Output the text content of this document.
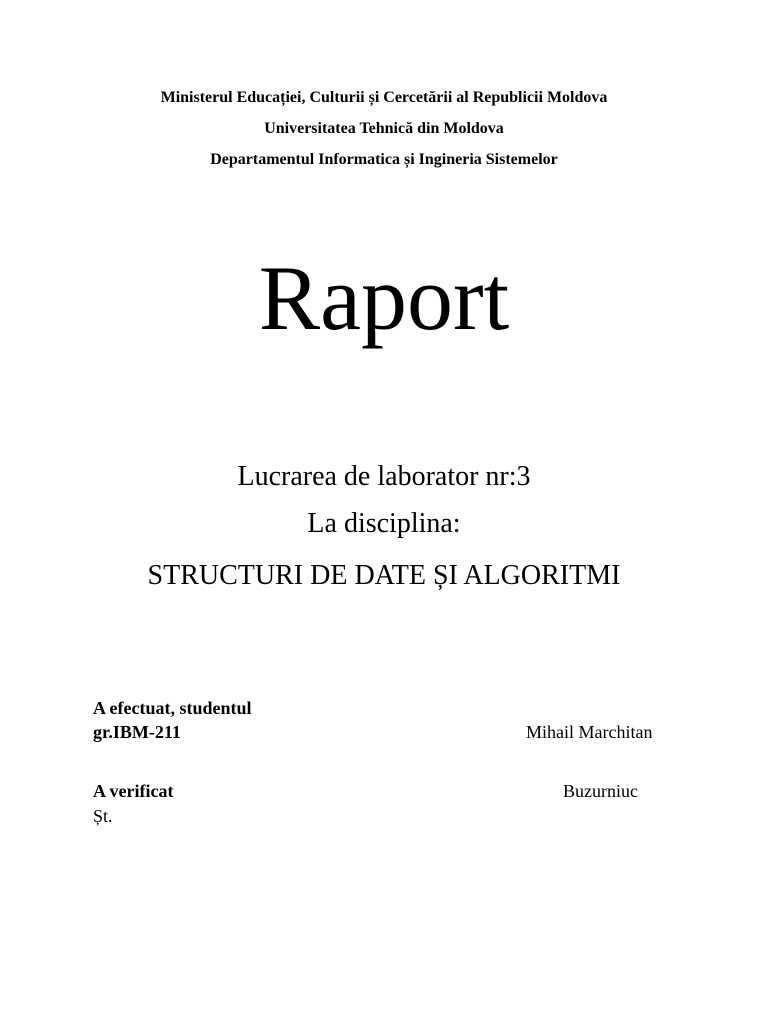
Ministerul Educației, Culturii și Cercetării al Republicii Moldova
Universitatea Tehnică din Moldova
Departamentul Informatica și Ingineria Sistemelor
Raport
Lucrarea de laborator nr:3
La disciplina:
STRUCTURI DE DATE ȘI ALGORITMI
A efectuat, studentul
gr.IBM-211	Mihail Marchitan
A verificat	Buzurniuc
Șt.
